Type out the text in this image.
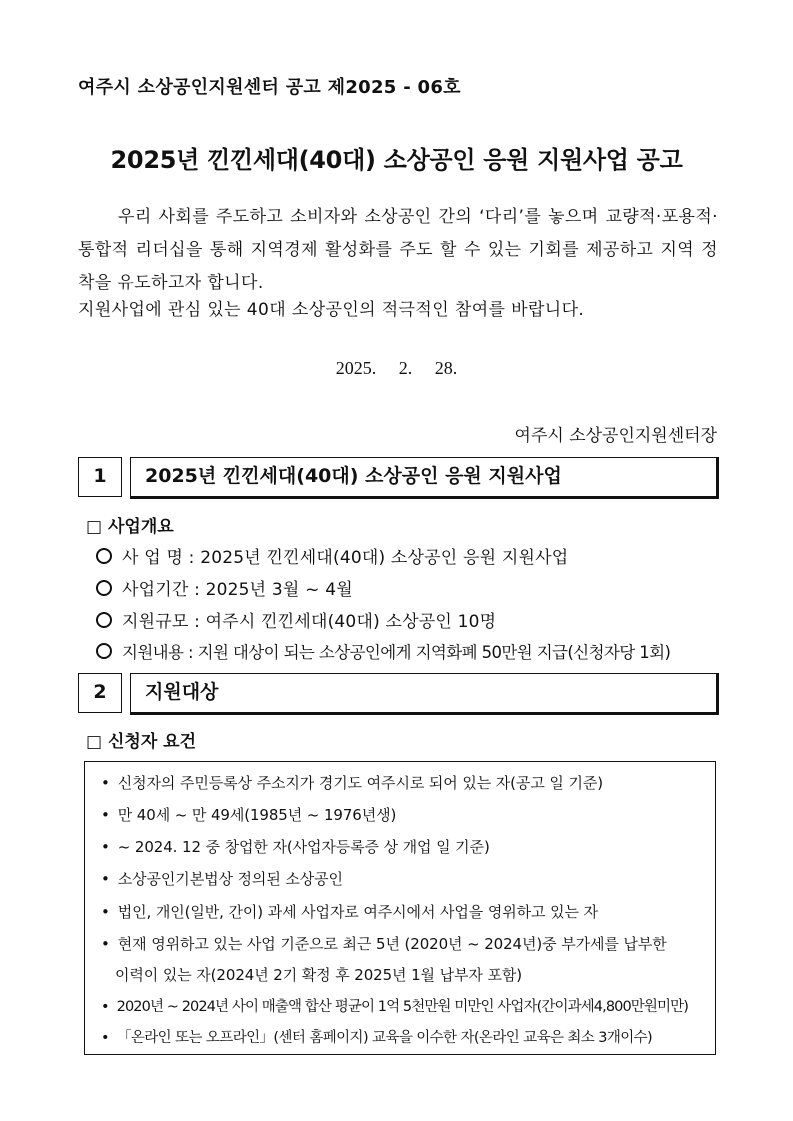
여주시 소상공인지원센터 공고 제2025 - 06호
2025년 낀낀세대(40대) 소상공인 응원 지원사업 공고
우리 사회를 주도하고 소비자와 소상공인 간의 ‘다리’를 놓으며 교량적·포용적·통합적 리더십을 통해 지역경제 활성화를 주도 할 수 있는 기회를 제공하고 지역 정착을 유도하고자 합니다.
지원사업에 관심 있는 40대 소상공인의 적극적인 참여를 바랍니다.
2025. 2. 28.
여주시 소상공인지원센터장
1	2025년 낀낀세대(40대) 소상공인 응원 지원사업
□ 사업개요
사 업 명 : 2025년 낀낀세대(40대) 소상공인 응원 지원사업
사업기간 : 2025년 3월 ~ 4월
지원규모 : 여주시 낀낀세대(40대) 소상공인 10명
지원내용 : 지원 대상이 되는 소상공인에게 지역화폐 50만원 지급(신청자당 1회)
2	지원대상
□ 신청자 요건
• 신청자의 주민등록상 주소지가 경기도 여주시로 되어 있는 자(공고 일 기준)
• 만 40세 ~ 만 49세(1985년 ~ 1976년생)
• ~ 2024. 12 중 창업한 자(사업자등록증 상 개업 일 기준)
• 소상공인기본법상 정의된 소상공인
• 법인, 개인(일반, 간이) 과세 사업자로 여주시에서 사업을 영위하고 있는 자
• 현재 영위하고 있는 사업 기준으로 최근 5년 (2020년 ~ 2024년)중 부가세를 납부한
이력이 있는 자(2024년 2기 확정 후 2025년 1월 납부자 포함)
• 2020년 ~ 2024년 사이 매출액 합산 평균이 1억 5천만원 미만인 사업자(간이과세4,800만원미만)
• 「온라인 또는 오프라인」(센터 홈페이지) 교육을 이수한 자(온라인 교육은 최소 3개이수)
